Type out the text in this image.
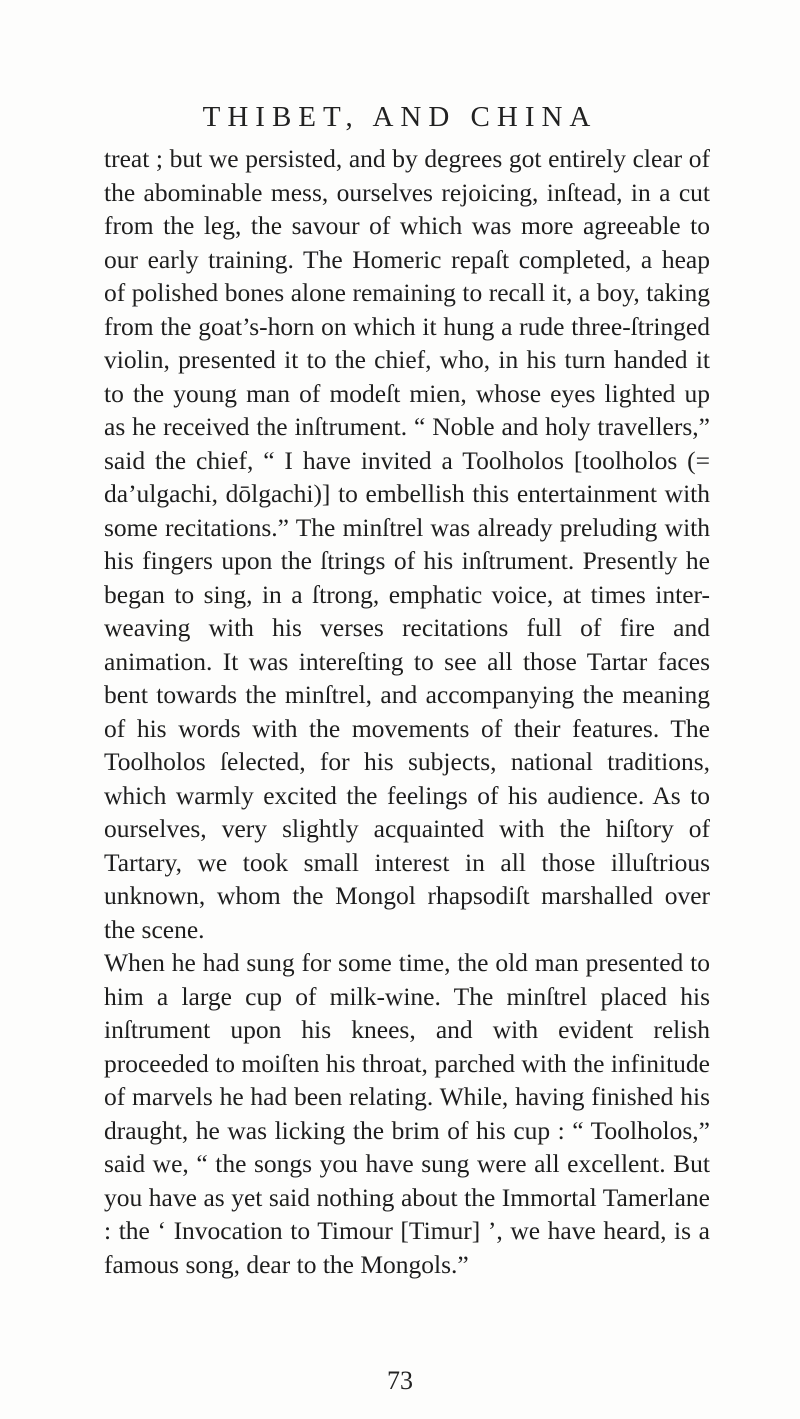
THIBET, AND CHINA

treat ; but we persisted, and by degrees got entirely clear of the abominable mess, ourselves rejoicing, inſtead, in a cut from the leg, the savour of which was more agreeable to our early training. The Homeric repaſt completed, a heap of polished bones alone remaining to recall it, a boy, taking from the goat’s-horn on which it hung a rude three-ſtringed violin, presented it to the chief, who, in his turn handed it to the young man of modeſt mien, whose eyes lighted up as he received the inſtrument. “ Noble and holy travellers,” said the chief, “ I have invited a Toolholos [toolholos (= da’ulgachi, dōlgachi)] to embellish this entertainment with some recitations.” The minſtrel was already preluding with his fingers upon the ſtrings of his inſtrument. Presently he began to sing, in a ſtrong, emphatic voice, at times inter-weaving with his verses recitations full of fire and animation. It was intereſting to see all those Tartar faces bent towards the minſtrel, and accompanying the meaning of his words with the movements of their features. The Toolholos ſelected, for his subjects, national traditions, which warmly excited the feelings of his audience. As to ourselves, very slightly acquainted with the hiſtory of Tartary, we took small interest in all those illuſtrious unknown, whom the Mongol rhapsodiſt marshalled over the scene.

When he had sung for some time, the old man presented to him a large cup of milk-wine. The minſtrel placed his inſtrument upon his knees, and with evident relish proceeded to moiſten his throat, parched with the infinitude of marvels he had been relating. While, having finished his draught, he was licking the brim of his cup : “ Toolholos,” said we, “ the songs you have sung were all excellent. But you have as yet said nothing about the Immortal Tamerlane : the ‘ Invocation to Timour [Timur] ’, we have heard, is a famous song, dear to the Mongols.”

73
